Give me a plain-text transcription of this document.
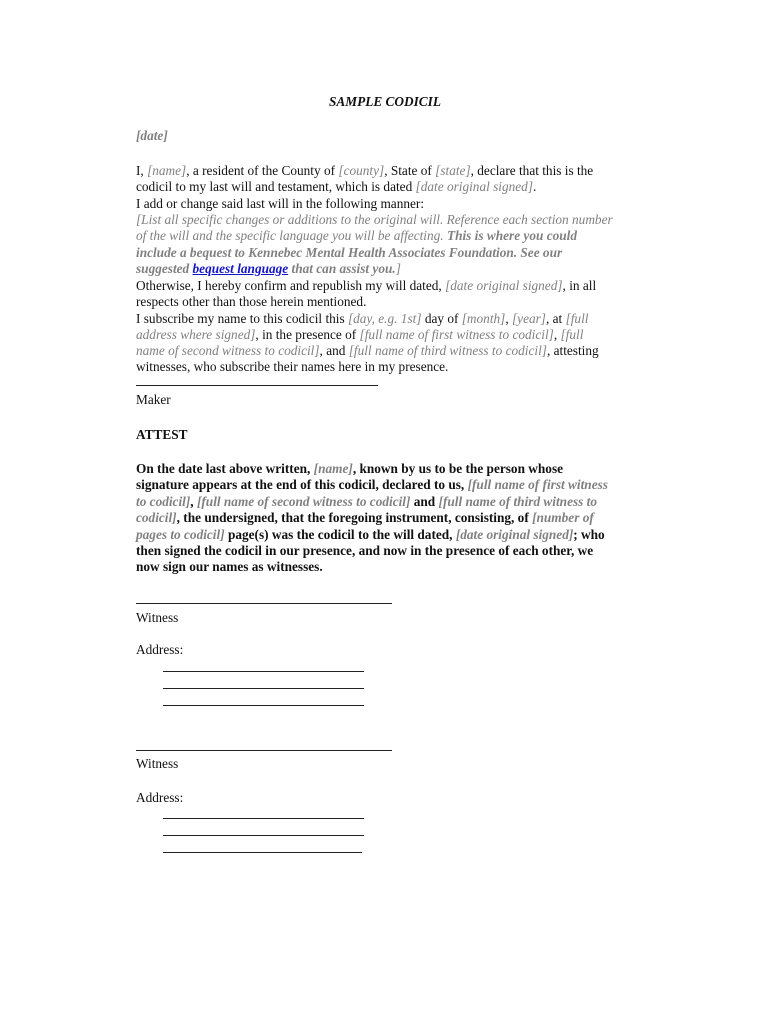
SAMPLE CODICIL
[date]
I, [name], a resident of the County of [county], State of [state], declare that this is the
codicil to my last will and testament, which is dated [date original signed].
I add or change said last will in the following manner:
[List all specific changes or additions to the original will. Reference each section number
of the will and the specific language you will be affecting. This is where you could
include a bequest to Kennebec Mental Health Associates Foundation. See our
suggested bequest language that can assist you.]
Otherwise, I hereby confirm and republish my will dated, [date original signed], in all
respects other than those herein mentioned.
I subscribe my name to this codicil this [day, e.g. 1st] day of [month], [year], at [full
address where signed], in the presence of [full name of first witness to codicil], [full
name of second witness to codicil], and [full name of third witness to codicil], attesting
witnesses, who subscribe their names here in my presence.
Maker
ATTEST
On the date last above written, [name], known by us to be the person whose
signature appears at the end of this codicil, declared to us, [full name of first witness
to codicil], [full name of second witness to codicil] and [full name of third witness to
codicil], the undersigned, that the foregoing instrument, consisting, of [number of
pages to codicil] page(s) was the codicil to the will dated, [date original signed]; who
then signed the codicil in our presence, and now in the presence of each other, we
now sign our names as witnesses.
Witness
Address:
Witness
Address:
